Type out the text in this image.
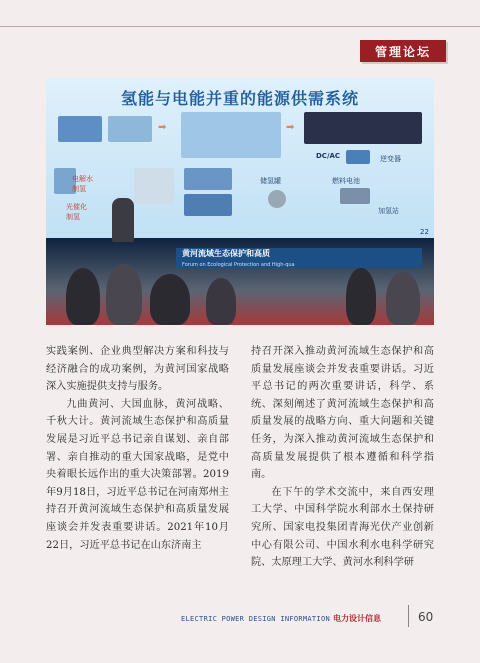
管理论坛
氢能与电能并重的能源供需系统
➡	➡
DC/AC	逆变器
电解水
制氢
光催化
制氢
储氢罐	燃料电池
加氢站
22
黄河流域生态保护和高质
Forum on Ecological Protection and High-qua

实践案例、企业典型解决方案和科技与经济融合的成功案例，为黄河国家战略深入实施提供支持与服务。

九曲黄河、大国血脉，黄河战略、千秋大计。黄河流域生态保护和高质量发展是习近平总书记亲自谋划、亲自部署、亲自推动的重大国家战略，是党中央着眼长远作出的重大决策部署。2019年9月18日，习近平总书记在河南郑州主持召开黄河流域生态保护和高质量发展座谈会并发表重要讲话。2021年10月22日，习近平总书记在山东济南主

持召开深入推动黄河流域生态保护和高质量发展座谈会并发表重要讲话。习近平总书记的两次重要讲话，科学、系统、深刻阐述了黄河流域生态保护和高质量发展的战略方向、重大问题和关键任务，为深入推动黄河流域生态保护和高质量发展提供了根本遵循和科学指南。

在下午的学术交流中，来自西安理工大学、中国科学院水利部水土保持研究所、国家电投集团青海光伏产业创新中心有限公司、中国水利水电科学研究院、太原理工大学、黄河水利科学研

ELECTRIC POWER DESIGN INFORMATION 电力设计信息	60
